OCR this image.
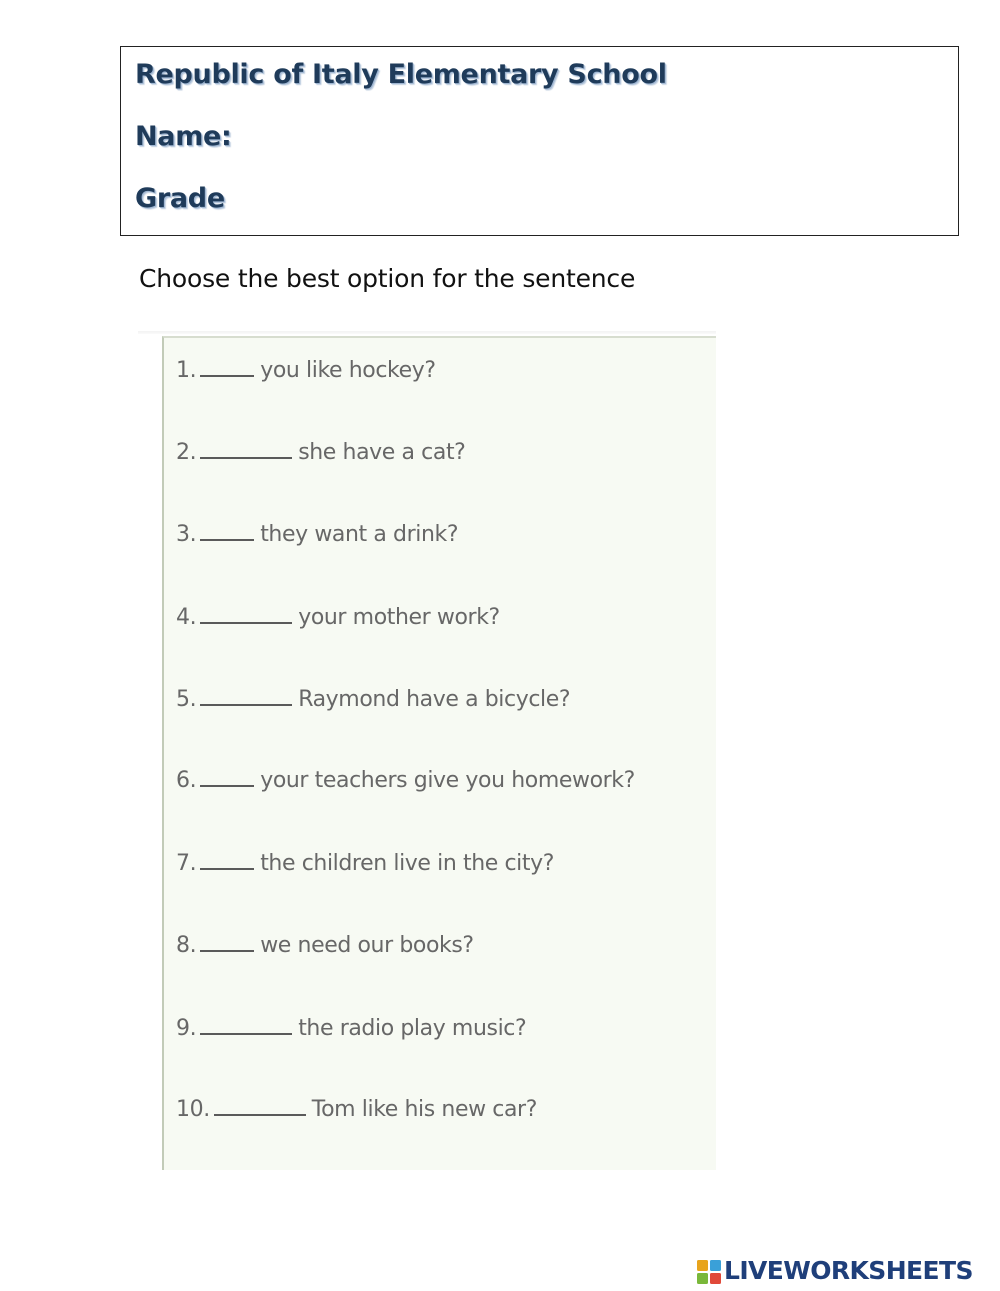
Republic of Italy Elementary School

Name:

Grade

Choose the best option for the sentence

1.	you like hockey?

2.	she have a cat?

3.	they want a drink?

4.	your mother work?

5.	Raymond have a bicycle?

6.	your teachers give you homework?

7.	the children live in the city?

8.	we need our books?

9.	the radio play music?

10.	Tom like his new car?

LIVEWORKSHEETS
